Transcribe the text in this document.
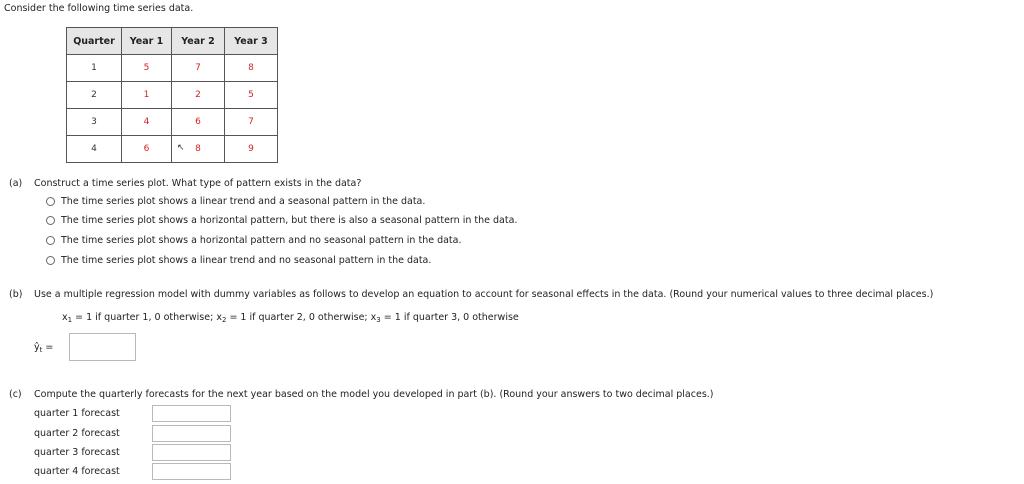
Consider the following time series data.
Quarter	Year 1	Year 2	Year 3
1	5	7	8
2	1	2	5
3	4	6	7
4	6	8	9
↖
(a) Construct a time series plot. What type of pattern exists in the data?
The time series plot shows a linear trend and a seasonal pattern in the data.
The time series plot shows a horizontal pattern, but there is also a seasonal pattern in the data.
The time series plot shows a horizontal pattern and no seasonal pattern in the data.
The time series plot shows a linear trend and no seasonal pattern in the data.
(b) Use a multiple regression model with dummy variables as follows to develop an equation to account for seasonal effects in the data. (Round your numerical values to three decimal places.)
$x_1 = 1$ if quarter 1, 0 otherwise; $x_2 = 1$ if quarter 2, 0 otherwise; $x_3 = 1$ if quarter 3, 0 otherwise
$ŷ_t$ =
(c) Compute the quarterly forecasts for the next year based on the model you developed in part (b). (Round your answers to two decimal places.)
quarter 1 forecast
quarter 2 forecast
quarter 3 forecast
quarter 4 forecast
